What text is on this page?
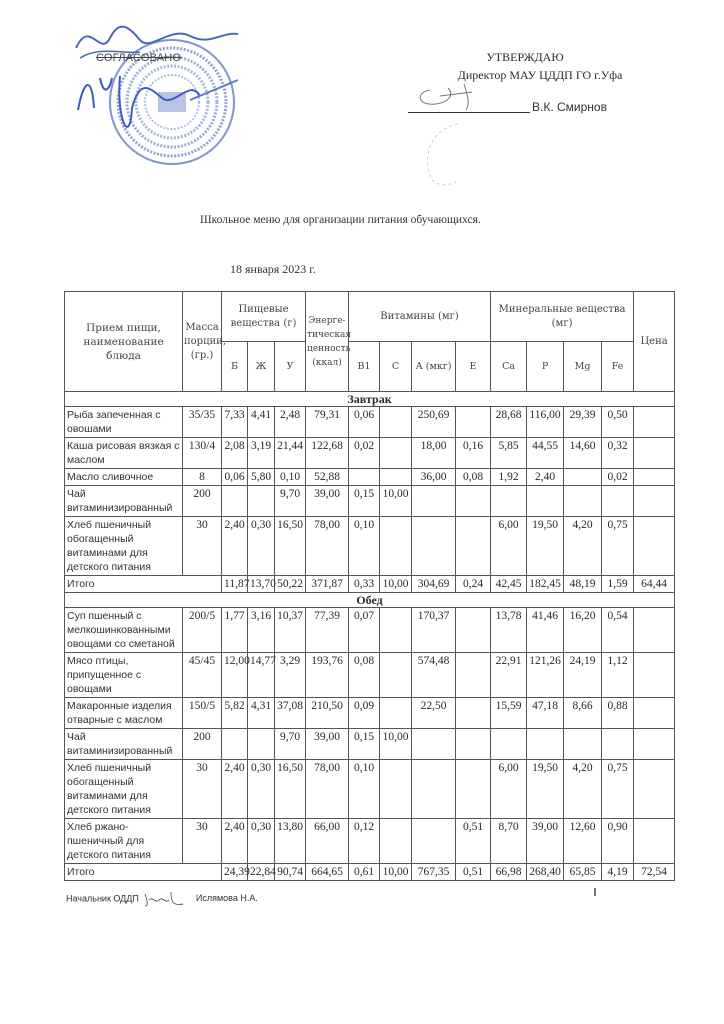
СОГЛАСОВАНО	УТВЕРЖДАЮ
Директор МАУ ЦДДП ГО г.Уфа
В.К. Смирнов
Школьное меню для организации питания обучающихся.
18 января 2023 г.
Прием пищи, наименование блюда	Масса порции, (гр.)	Пищевые вещества (г)			Энерге- тическая ценность (ккал)	Витамины (мг)				Минеральные вещества (мг)				Цена
		Б	Ж	У		B1	C	А (мкг)	E	Ca	P	Mg	Fe	
Завтрак														
Рыба запеченная с овошами	35/35	7,33	4,41	2,48	79,31	0,06		250,69		28,68	116,00	29,39	0,50	
Каша рисовая вязкая с маслом	130/4	2,08	3,19	21,44	122,68	0,02		18,00	0,16	5,85	44,55	14,60	0,32	
Масло сливочное	8	0,06	5,80	0,10	52,88			36,00	0,08	1,92	2,40		0,02	
Чай витаминизированный	200			9,70	39,00	0,15	10,00							
Хлеб пшеничный обогащенный витаминами для детского питания	30	2,40	0,30	16,50	78,00	0,10				6,00	19,50	4,20	0,75	
Итого		11,87	13,70	50,22	371,87	0,33	10,00	304,69	0,24	42,45	182,45	48,19	1,59	64,44
Обед														
Суп пшенный с мелкошинкованными овощами со сметаной	200/5	1,77	3,16	10,37	77,39	0,07		170,37		13,78	41,46	16,20	0,54	
Мясо птицы, припущенное с овощами	45/45	12,00	14,77	3,29	193,76	0,08		574,48		22,91	121,26	24,19	1,12	
Макаронные изделия отварные с маслом	150/5	5,82	4,31	37,08	210,50	0,09		22,50		15,59	47,18	8,66	0,88	
Чай витаминизированный	200			9,70	39,00	0,15	10,00							
Хлеб пшеничный обогащенный витаминами для детского питания	30	2,40	0,30	16,50	78,00	0,10				6,00	19,50	4,20	0,75	
Хлеб ржано-пшеничный для детского питания	30	2,40	0,30	13,80	66,00	0,12			0,51	8,70	39,00	12,60	0,90	
Итого		24,39	22,84	90,74	664,65	0,61	10,00	767,35	0,51	66,98	268,40	65,85	4,19	72,54
Начальник ОДДП	Ислямова Н.А.
